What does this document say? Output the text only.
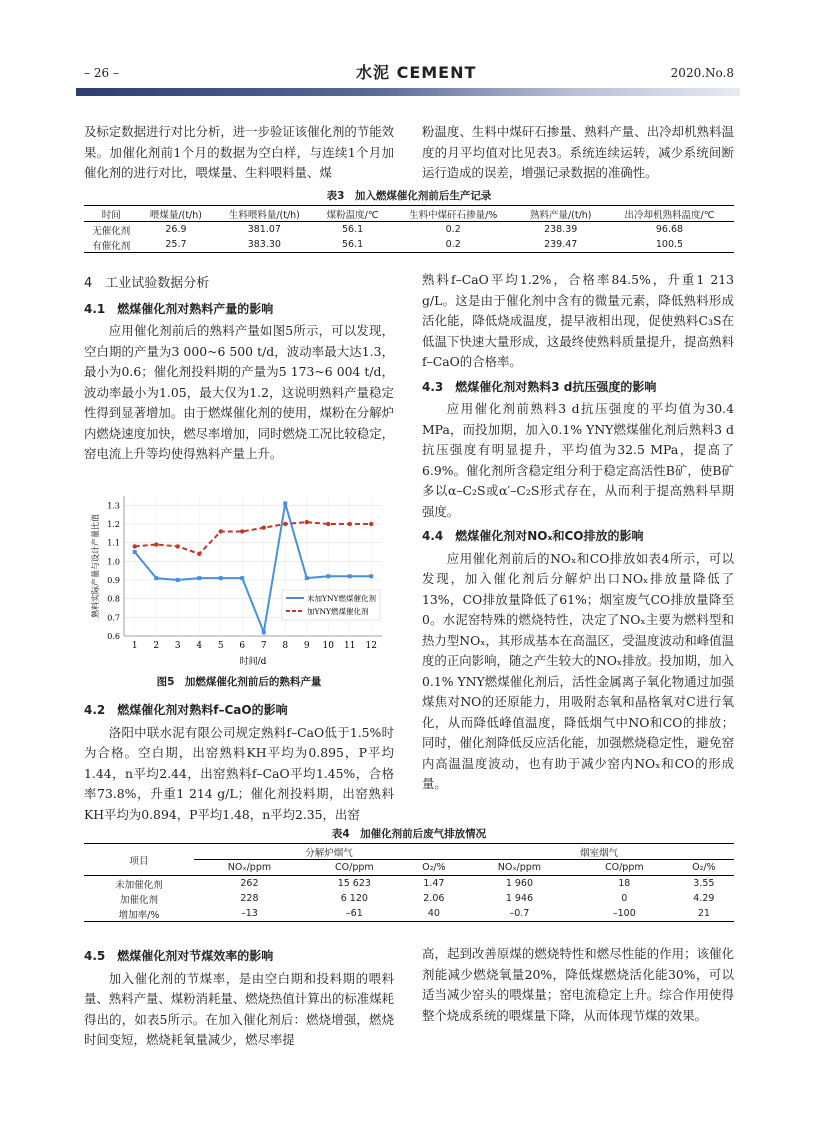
– 26 –	水泥 CEMENT	2020.No.8

及标定数据进行对比分析，进一步验证该催化剂的节能效果。加催化剂前1个月的数据为空白样，与连续1个月加催化剂的进行对比，喂煤量、生料喂料量、煤

粉温度、生料中煤矸石掺量、熟料产量、出冷却机熟料温度的月平均值对比见表3。系统连续运转，减少系统间断运行造成的误差，增强记录数据的准确性。

表3　加入燃煤催化剂前后生产记录
时间	喂煤量/(t/h)	生料喂料量/(t/h)	煤粉温度/℃	生料中煤矸石掺量/%	熟料产量/(t/h)	出冷却机熟料温度/℃
无催化剂	26.9	381.07	56.1	0.2	238.39	96.68
有催化剂	25.7	383.30	56.1	0.2	239.47	100.5
4　工业试验数据分析
4.1　燃煤催化剂对熟料产量的影响

应用催化剂前后的熟料产量如图5所示，可以发现，空白期的产量为3 000~6 500 t/d，波动率最大达1.3，最小为0.6；催化剂投料期的产量为5 173~6 004 t/d，波动率最小为1.05，最大仅为1.2，这说明熟料产量稳定性得到显著增加。由于燃煤催化剂的使用，煤粉在分解炉内燃烧速度加快，燃尽率增加，同时燃烧工况比较稳定，窑电流上升等均使得熟料产量上升。

0.6
0.7
0.8
0.9
1.0
1.1
1.2
1.3
1 2 3 4 5 6 7 8 9 10 11 12
时间/d
熟料实际产量与设计产量比值	未加YNY燃煤催化剂
加YNY燃煤催化剂
图5　加燃煤催化剂前后的熟料产量
4.2　燃煤催化剂对熟料f–CaO的影响

洛阳中联水泥有限公司规定熟料f–CaO低于1.5%时为合格。空白期，出窑熟料KH平均为0.895，P平均1.44，n平均2.44，出窑熟料f–CaO平均1.45%，合格率73.8%，升重1 214 g/L；催化剂投料期，出窑熟料KH平均为0.894，P平均1.48，n平均2.35，出窑

熟料f–CaO平均1.2%，合格率84.5%，升重1 213 g/L。这是由于催化剂中含有的微量元素，降低熟料形成活化能，降低烧成温度，提早液相出现，促使熟料C₃S在低温下快速大量形成，这最终使熟料质量提升，提高熟料f–CaO的合格率。

4.3　燃煤催化剂对熟料3 d抗压强度的影响

应用催化剂前熟料3 d抗压强度的平均值为30.4 MPa，而投加期，加入0.1% YNY燃煤催化剂后熟料3 d抗压强度有明显提升，平均值为32.5 MPa，提高了6.9%。催化剂所含稳定组分利于稳定高活性B矿，使B矿多以α–C₂S或α′–C₂S形式存在，从而利于提高熟料早期强度。

4.4　燃煤催化剂对NOₓ和CO排放的影响

应用催化剂前后的NOₓ和CO排放如表4所示，可以发现，加入催化剂后分解炉出口NOₓ排放量降低了13%，CO排放量降低了61%；烟室废气CO排放量降至0。水泥窑特殊的燃烧特性，决定了NOₓ主要为燃料型和热力型NOₓ，其形成基本在高温区，受温度波动和峰值温度的正向影响，随之产生较大的NOₓ排放。投加期，加入0.1% YNY燃煤催化剂后，活性金属离子氧化物通过加强煤焦对NO的还原能力，用吸附态氧和晶格氧对C进行氧化，从而降低峰值温度，降低烟气中NO和CO的排放；同时，催化剂降低反应活化能，加强燃烧稳定性，避免窑内高温温度波动，也有助于减少窑内NOₓ和CO的形成量。

表4　加催化剂前后废气排放情况
项目	分解炉烟气			烟室烟气		
	NOₓ/ppm	CO/ppm	O₂/%	NOₓ/ppm	CO/ppm	O₂/%
未加催化剂	262	15 623	1.47	1 960	18	3.55
加催化剂	228	6 120	2.06	1 946	0	4.29
增加率/%	–13	–61	40	–0.7	–100	21
4.5　燃煤催化剂对节煤效率的影响

加入催化剂的节煤率，是由空白期和投料期的喂料量、熟料产量、煤粉消耗量、燃烧热值计算出的标准煤耗得出的，如表5所示。在加入催化剂后：燃烧增强，燃烧时间变短，燃烧耗氧量减少，燃尽率提

高，起到改善原煤的燃烧特性和燃尽性能的作用；该催化剂能减少燃烧氧量20%，降低煤燃烧活化能30%，可以适当减少窑头的喂煤量；窑电流稳定上升。综合作用使得整个烧成系统的喂煤量下降，从而体现节煤的效果。
